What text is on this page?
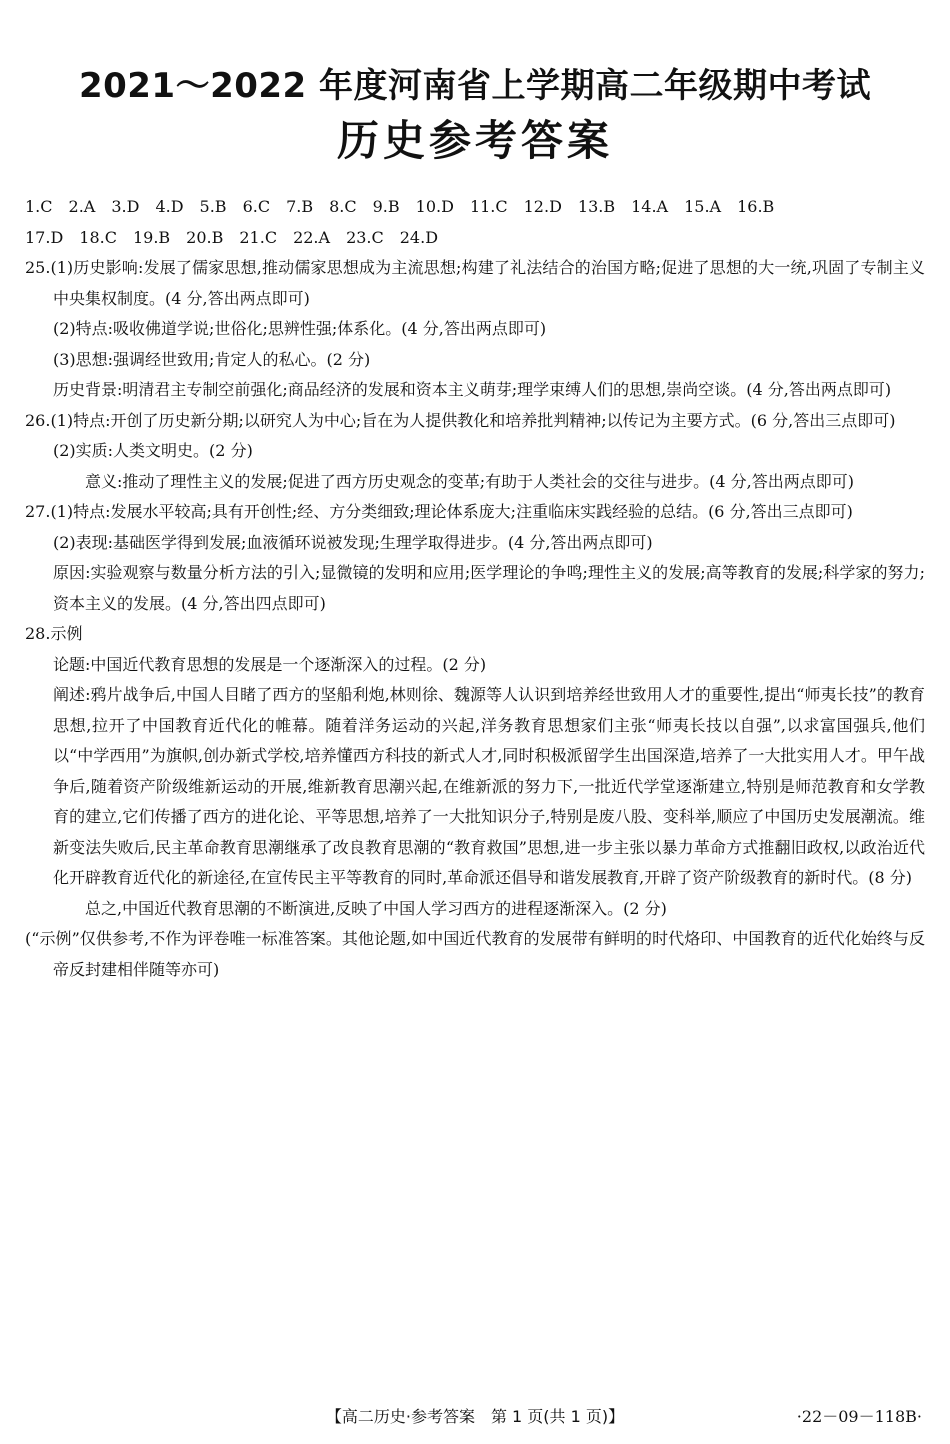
2021～2022 年度河南省上学期高二年级期中考试
历史参考答案
1.C 2.A 3.D 4.D 5.B 6.C 7.B 8.C 9.B 10.D 11.C 12.D 13.B 14.A 15.A 16.B
17.D 18.C 19.B 20.B 21.C 22.A 23.C 24.D
25.(1)历史影响:发展了儒家思想,推动儒家思想成为主流思想;构建了礼法结合的治国方略;促进了思想的大一统,巩固了专制主义中央集权制度。(4 分,答出两点即可)
(2)特点:吸收佛道学说;世俗化;思辨性强;体系化。(4 分,答出两点即可)
(3)思想:强调经世致用;肯定人的私心。(2 分)
历史背景:明清君主专制空前强化;商品经济的发展和资本主义萌芽;理学束缚人们的思想,崇尚空谈。(4 分,答出两点即可)
26.(1)特点:开创了历史新分期;以研究人为中心;旨在为人提供教化和培养批判精神;以传记为主要方式。(6 分,答出三点即可)
(2)实质:人类文明史。(2 分)
意义:推动了理性主义的发展;促进了西方历史观念的变革;有助于人类社会的交往与进步。(4 分,答出两点即可)
27.(1)特点:发展水平较高;具有开创性;经、方分类细致;理论体系庞大;注重临床实践经验的总结。(6 分,答出三点即可)
(2)表现:基础医学得到发展;血液循环说被发现;生理学取得进步。(4 分,答出两点即可)
原因:实验观察与数量分析方法的引入;显微镜的发明和应用;医学理论的争鸣;理性主义的发展;高等教育的发展;科学家的努力;资本主义的发展。(4 分,答出四点即可)
28.示例
论题:中国近代教育思想的发展是一个逐渐深入的过程。(2 分)
阐述:鸦片战争后,中国人目睹了西方的坚船利炮,林则徐、魏源等人认识到培养经世致用人才的重要性,提出“师夷长技”的教育思想,拉开了中国教育近代化的帷幕。随着洋务运动的兴起,洋务教育思想家们主张“师夷长技以自强”,以求富国强兵,他们以“中学西用”为旗帜,创办新式学校,培养懂西方科技的新式人才,同时积极派留学生出国深造,培养了一大批实用人才。甲午战争后,随着资产阶级维新运动的开展,维新教育思潮兴起,在维新派的努力下,一批近代学堂逐渐建立,特别是师范教育和女学教育的建立,它们传播了西方的进化论、平等思想,培养了一大批知识分子,特别是废八股、变科举,顺应了中国历史发展潮流。维新变法失败后,民主革命教育思潮继承了改良教育思潮的“教育救国”思想,进一步主张以暴力革命方式推翻旧政权,以政治近代化开辟教育近代化的新途径,在宣传民主平等教育的同时,革命派还倡导和谐发展教育,开辟了资产阶级教育的新时代。(8 分)
总之,中国近代教育思潮的不断演进,反映了中国人学习西方的进程逐渐深入。(2 分)
(“示例”仅供参考,不作为评卷唯一标准答案。其他论题,如中国近代教育的发展带有鲜明的时代烙印、中国教育的近代化始终与反帝反封建相伴随等亦可)
【高二历史·参考答案　第 1 页(共 1 页)】	·22－09－118B·
